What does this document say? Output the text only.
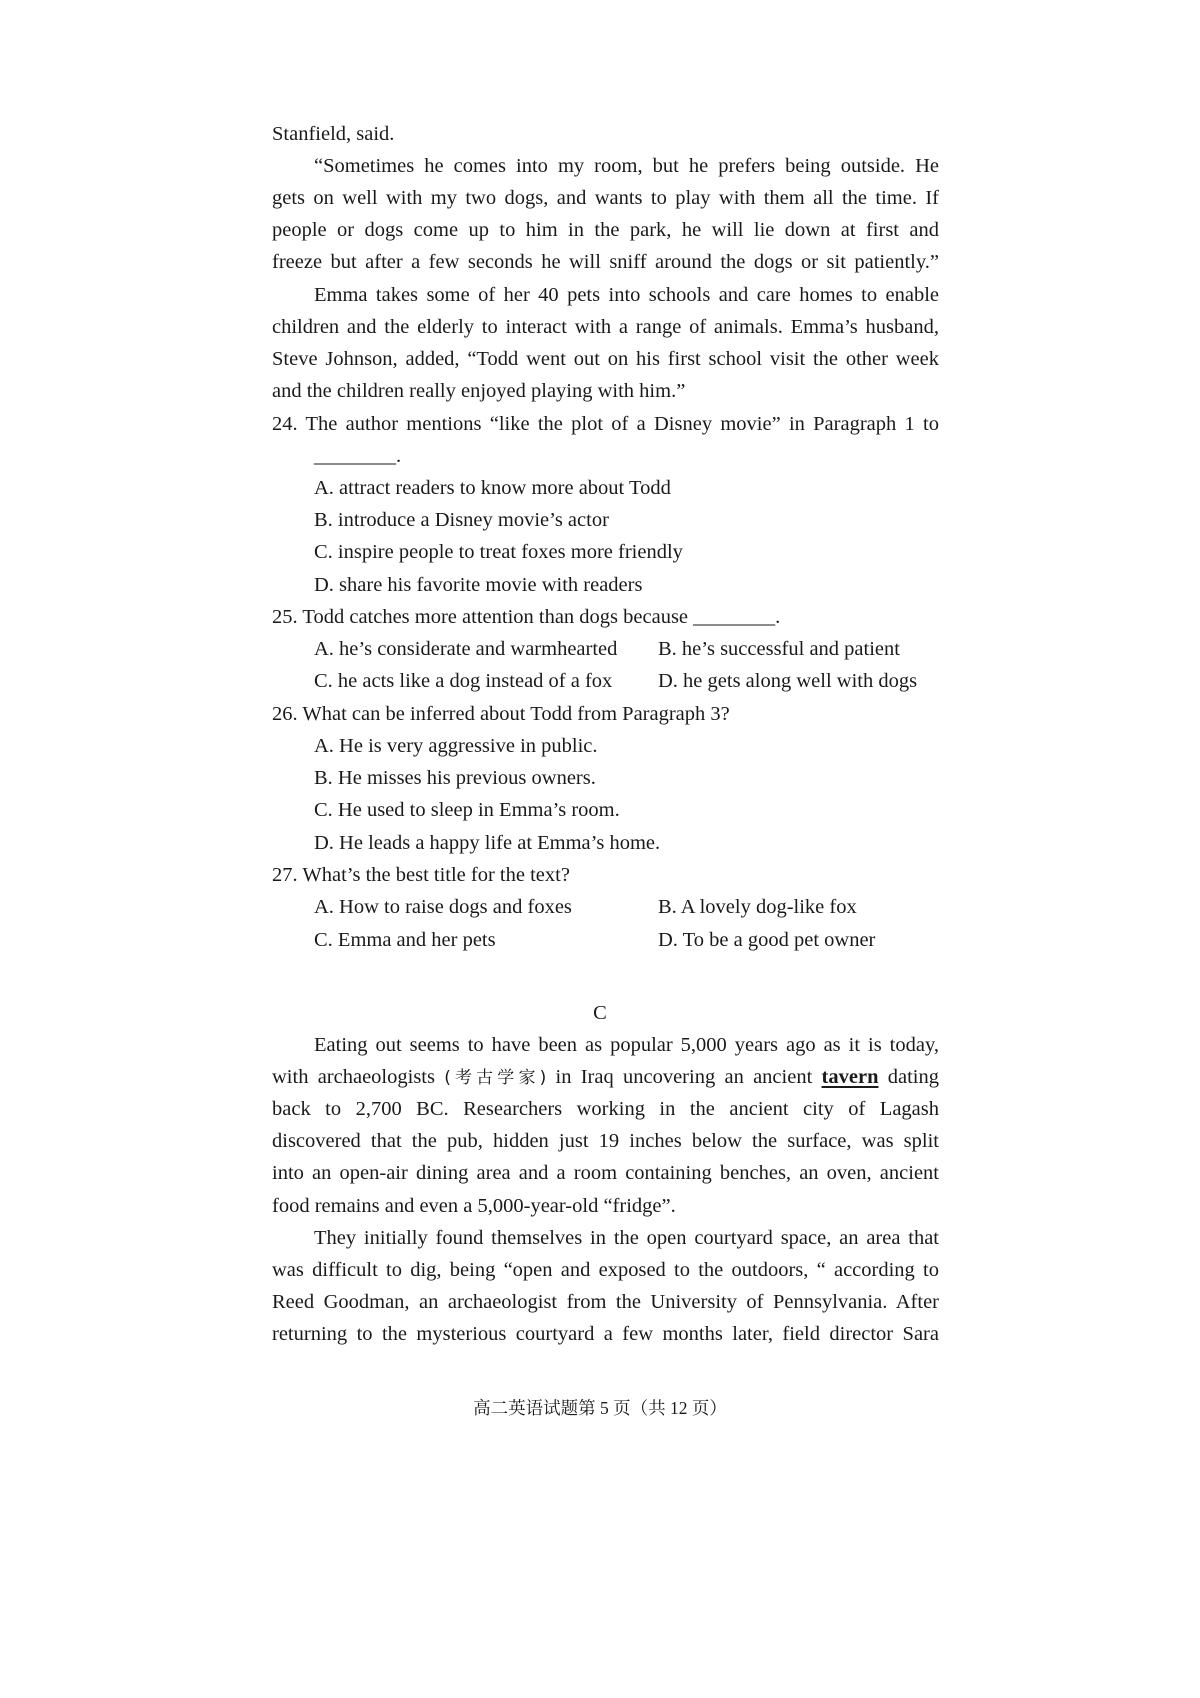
Stanfield, said.
“Sometimes he comes into my room, but he prefers being outside. He
gets on well with my two dogs, and wants to play with them all the time. If
people or dogs come up to him in the park, he will lie down at first and
freeze but after a few seconds he will sniff around the dogs or sit patiently.”
Emma takes some of her 40 pets into schools and care homes to enable
children and the elderly to interact with a range of animals. Emma’s husband,
Steve Johnson, added, “Todd went out on his first school visit the other week
and the children really enjoyed playing with him.”
24. The author mentions “like the plot of a Disney movie” in Paragraph 1 to
________.
A. attract readers to know more about Todd
B. introduce a Disney movie’s actor
C. inspire people to treat foxes more friendly
D. share his favorite movie with readers
25. Todd catches more attention than dogs because ________.
A. he’s considerate and warmhearted	B. he’s successful and patient
C. he acts like a dog instead of a fox	D. he gets along well with dogs
26. What can be inferred about Todd from Paragraph 3?
A. He is very aggressive in public.
B. He misses his previous owners.
C. He used to sleep in Emma’s room.
D. He leads a happy life at Emma’s home.
27. What’s the best title for the text?
A. How to raise dogs and foxes	B. A lovely dog-like fox
C. Emma and her pets	D. To be a good pet owner
C
Eating out seems to have been as popular 5,000 years ago as it is today,
with archaeologists (考古学家) in Iraq uncovering an ancient tavern dating
back to 2,700 BC. Researchers working in the ancient city of Lagash
discovered that the pub, hidden just 19 inches below the surface, was split
into an open-air dining area and a room containing benches, an oven, ancient
food remains and even a 5,000-year-old “fridge”.
They initially found themselves in the open courtyard space, an area that
was difficult to dig, being “open and exposed to the outdoors, “ according to
Reed Goodman, an archaeologist from the University of Pennsylvania. After
returning to the mysterious courtyard a few months later, field director Sara
高二英语试题第 5 页（共 12 页）
